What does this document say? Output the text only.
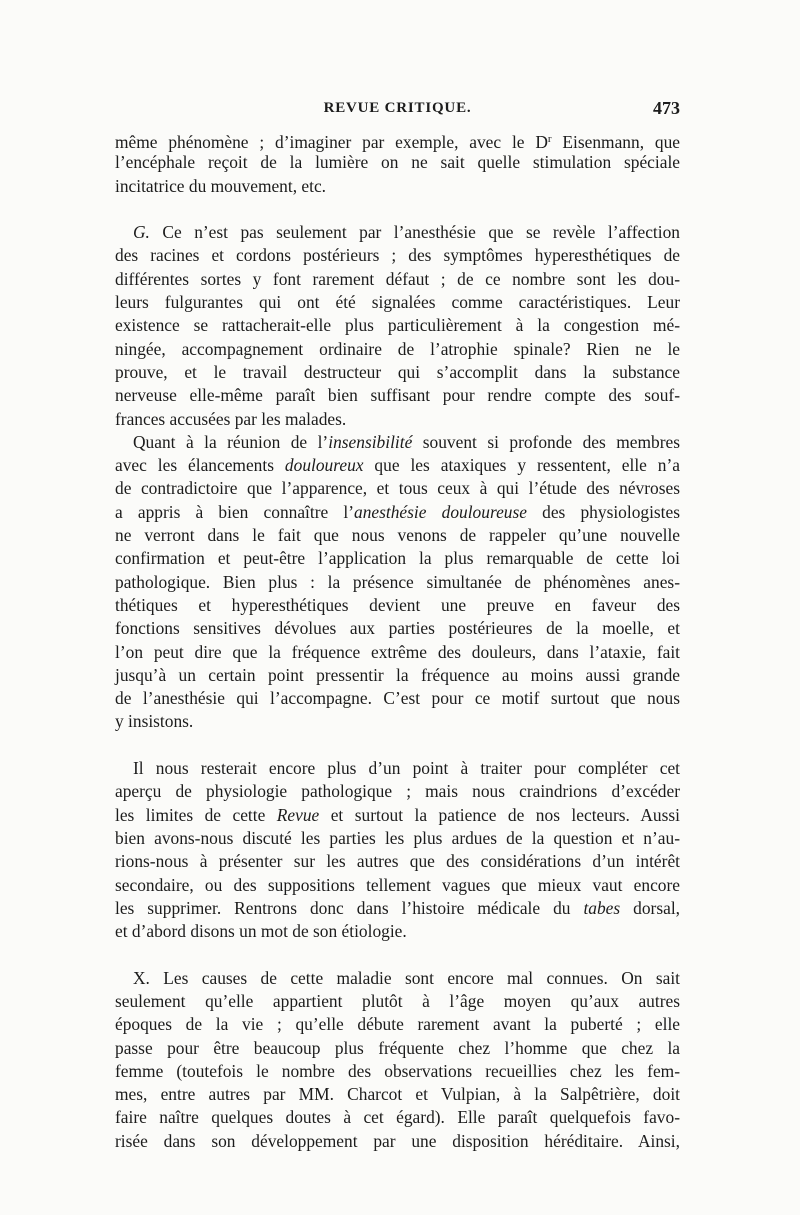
REVUE CRITIQUE.	473

même phénomène ; d’imaginer par exemple, avec le $D^r$ Eisenmann, que
l’encéphale reçoit de la lumière on ne sait quelle stimulation spéciale
incitatrice du mouvement, etc.

G. Ce n’est pas seulement par l’anesthésie que se revèle l’affection
des racines et cordons postérieurs ; des symptômes hyperesthétiques de
différentes sortes y font rarement défaut ; de ce nombre sont les dou-
leurs fulgurantes qui ont été signalées comme caractéristiques. Leur
existence se rattacherait-elle plus particulièrement à la congestion mé-
ningée, accompagnement ordinaire de l’atrophie spinale? Rien ne le
prouve, et le travail destructeur qui s’accomplit dans la substance
nerveuse elle-même paraît bien suffisant pour rendre compte des souf-
frances accusées par les malades.

Quant à la réunion de l’insensibilité souvent si profonde des membres
avec les élancements douloureux que les ataxiques y ressentent, elle n’a
de contradictoire que l’apparence, et tous ceux à qui l’étude des névroses
a appris à bien connaître l’anesthésie douloureuse des physiologistes
ne verront dans le fait que nous venons de rappeler qu’une nouvelle
confirmation et peut-être l’application la plus remarquable de cette loi
pathologique. Bien plus : la présence simultanée de phénomènes anes-
thétiques et hyperesthétiques devient une preuve en faveur des
fonctions sensitives dévolues aux parties postérieures de la moelle, et
l’on peut dire que la fréquence extrême des douleurs, dans l’ataxie, fait
jusqu’à un certain point pressentir la fréquence au moins aussi grande
de l’anesthésie qui l’accompagne. C’est pour ce motif surtout que nous
y insistons.

Il nous resterait encore plus d’un point à traiter pour compléter cet
aperçu de physiologie pathologique ; mais nous craindrions d’excéder
les limites de cette Revue et surtout la patience de nos lecteurs. Aussi
bien avons-nous discuté les parties les plus ardues de la question et n’au-
rions-nous à présenter sur les autres que des considérations d’un intérêt
secondaire, ou des suppositions tellement vagues que mieux vaut encore
les supprimer. Rentrons donc dans l’histoire médicale du tabes dorsal,
et d’abord disons un mot de son étiologie.

X. Les causes de cette maladie sont encore mal connues. On sait
seulement qu’elle appartient plutôt à l’âge moyen qu’aux autres
époques de la vie ; qu’elle débute rarement avant la puberté ; elle
passe pour être beaucoup plus fréquente chez l’homme que chez la
femme (toutefois le nombre des observations recueillies chez les fem-
mes, entre autres par MM. Charcot et Vulpian, à la Salpêtrière, doit
faire naître quelques doutes à cet égard). Elle paraît quelquefois favo-
risée dans son développement par une disposition héréditaire. Ainsi,
